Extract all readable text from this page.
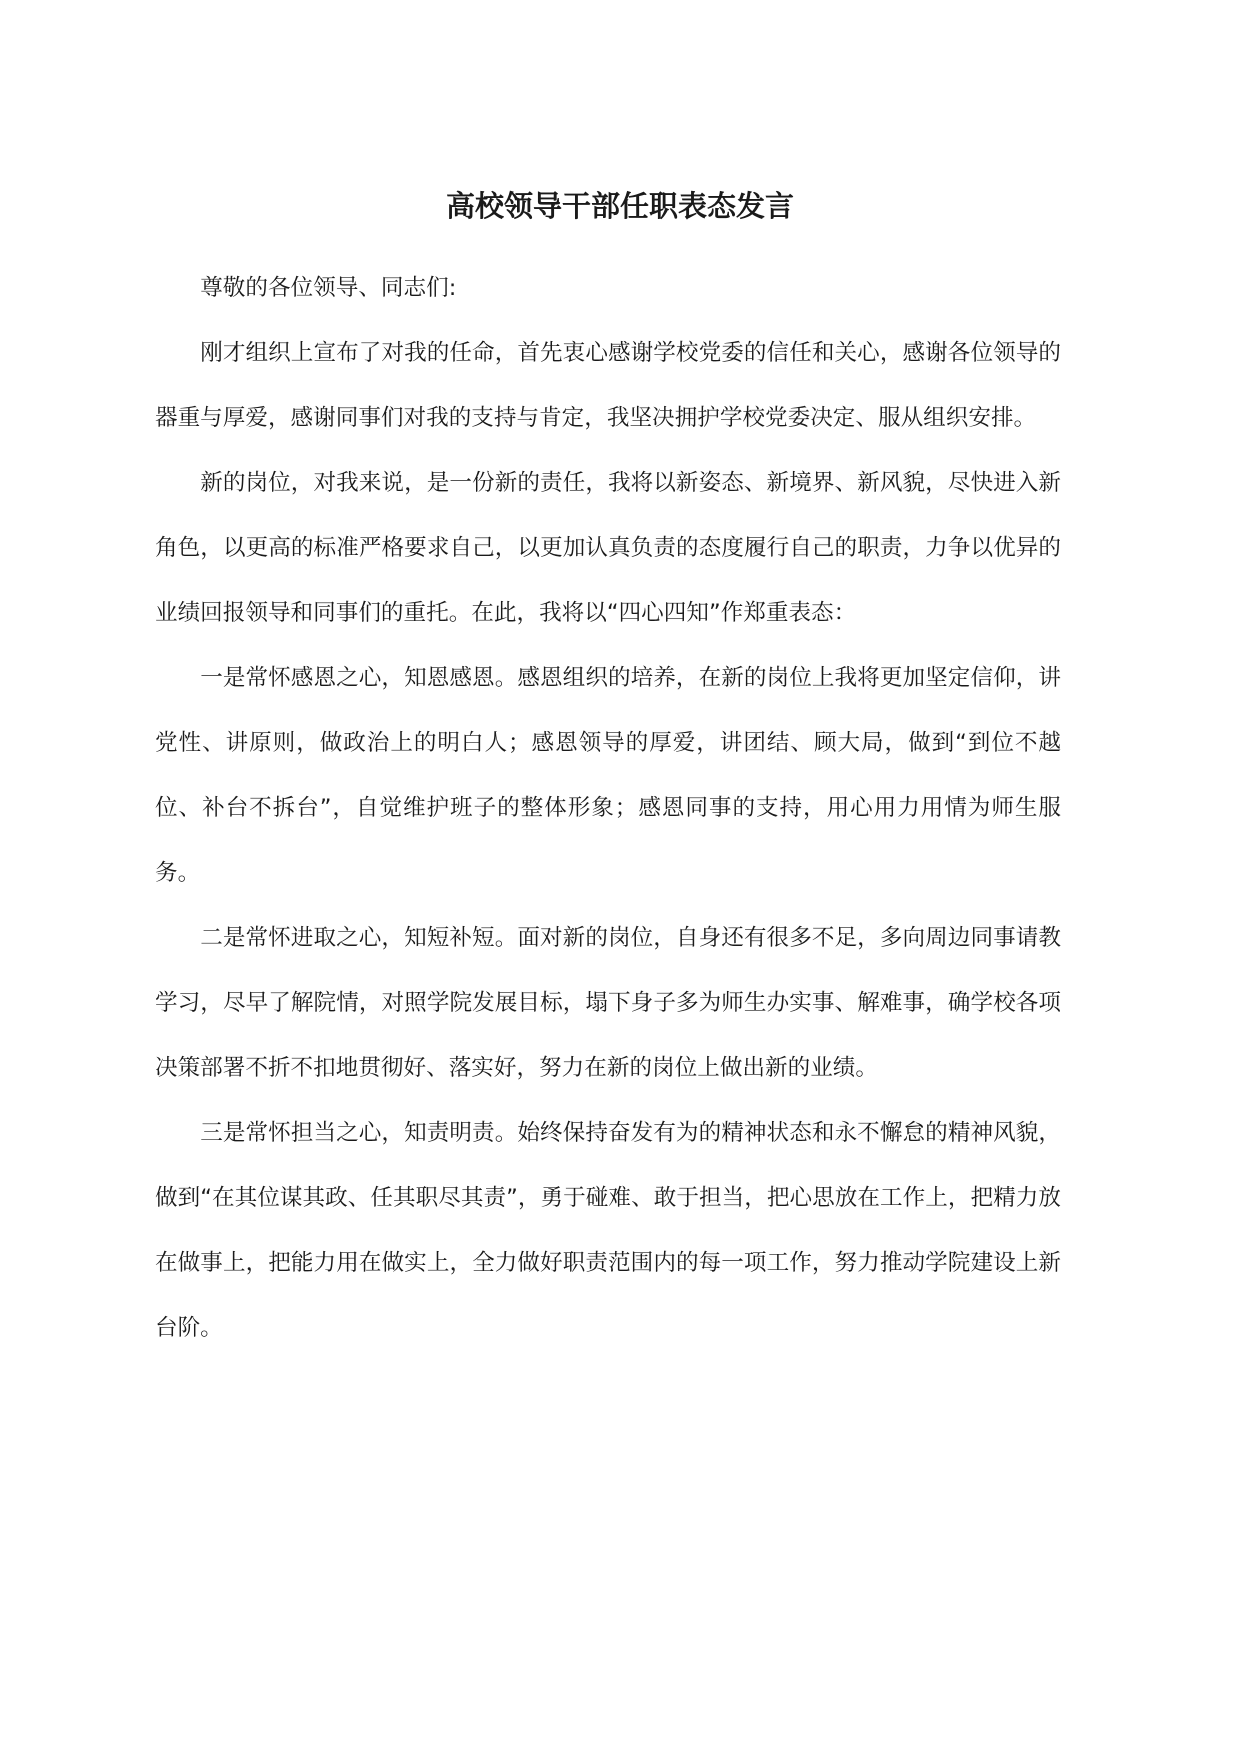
高校领导干部任职表态发言

尊敬的各位领导、同志们:

刚才组织上宣布了对我的任命，首先衷心感谢学校党委的信任和关心，感谢各位领导的器重与厚爱，感谢同事们对我的支持与肯定，我坚决拥护学校党委决定、服从组织安排。

新的岗位，对我来说，是一份新的责任，我将以新姿态、新境界、新风貌，尽快进入新角色，以更高的标准严格要求自己，以更加认真负责的态度履行自己的职责，力争以优异的业绩回报领导和同事们的重托。在此，我将以“四心四知”作郑重表态：

一是常怀感恩之心，知恩感恩。感恩组织的培养，在新的岗位上我将更加坚定信仰，讲党性、讲原则，做政治上的明白人；感恩领导的厚爱，讲团结、顾大局，做到“到位不越位、补台不拆台”，自觉维护班子的整体形象；感恩同事的支持，用心用力用情为师生服务。

二是常怀进取之心，知短补短。面对新的岗位，自身还有很多不足，多向周边同事请教学习，尽早了解院情，对照学院发展目标，塌下身子多为师生办实事、解难事，确学校各项决策部署不折不扣地贯彻好、落实好，努力在新的岗位上做出新的业绩。

三是常怀担当之心，知责明责。始终保持奋发有为的精神状态和永不懈怠的精神风貌，做到“在其位谋其政、任其职尽其责”，勇于碰难、敢于担当，把心思放在工作上，把精力放在做事上，把能力用在做实上，全力做好职责范围内的每一项工作，努力推动学院建设上新台阶。
